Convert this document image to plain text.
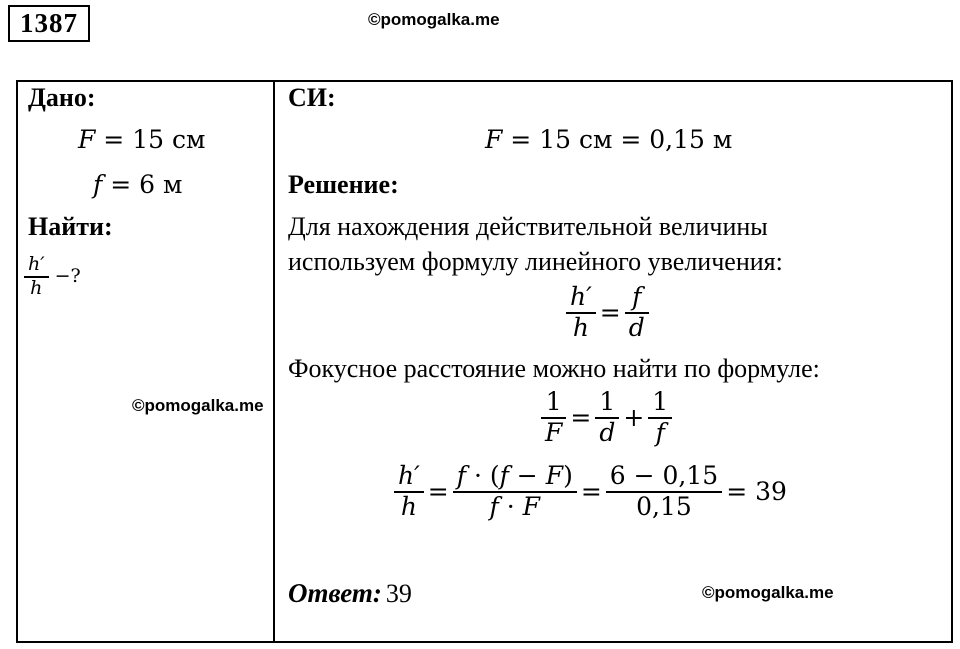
1387	©pomogalka.me
Дано:
F = 15 см
f = 6 м
Найти:
$\frac{h'}{h}$ −?
©pomogalka.me
СИ:
F = 15 см = 0,15 м
Решение:
Для нахождения действительной величины
используем формулу линейного увеличения:
$\frac{h'}{h} = \frac{f}{d}$
Фокусное расстояние можно найти по формуле:
$\frac{1}{F} = \frac{1}{d} + \frac{1}{f}$
$\frac{h'}{h} = \frac{f \cdot (f - F)}{f \cdot F} = \frac{6 - 0,15}{0,15} = 39$
Ответ: 39	©pomogalka.me
